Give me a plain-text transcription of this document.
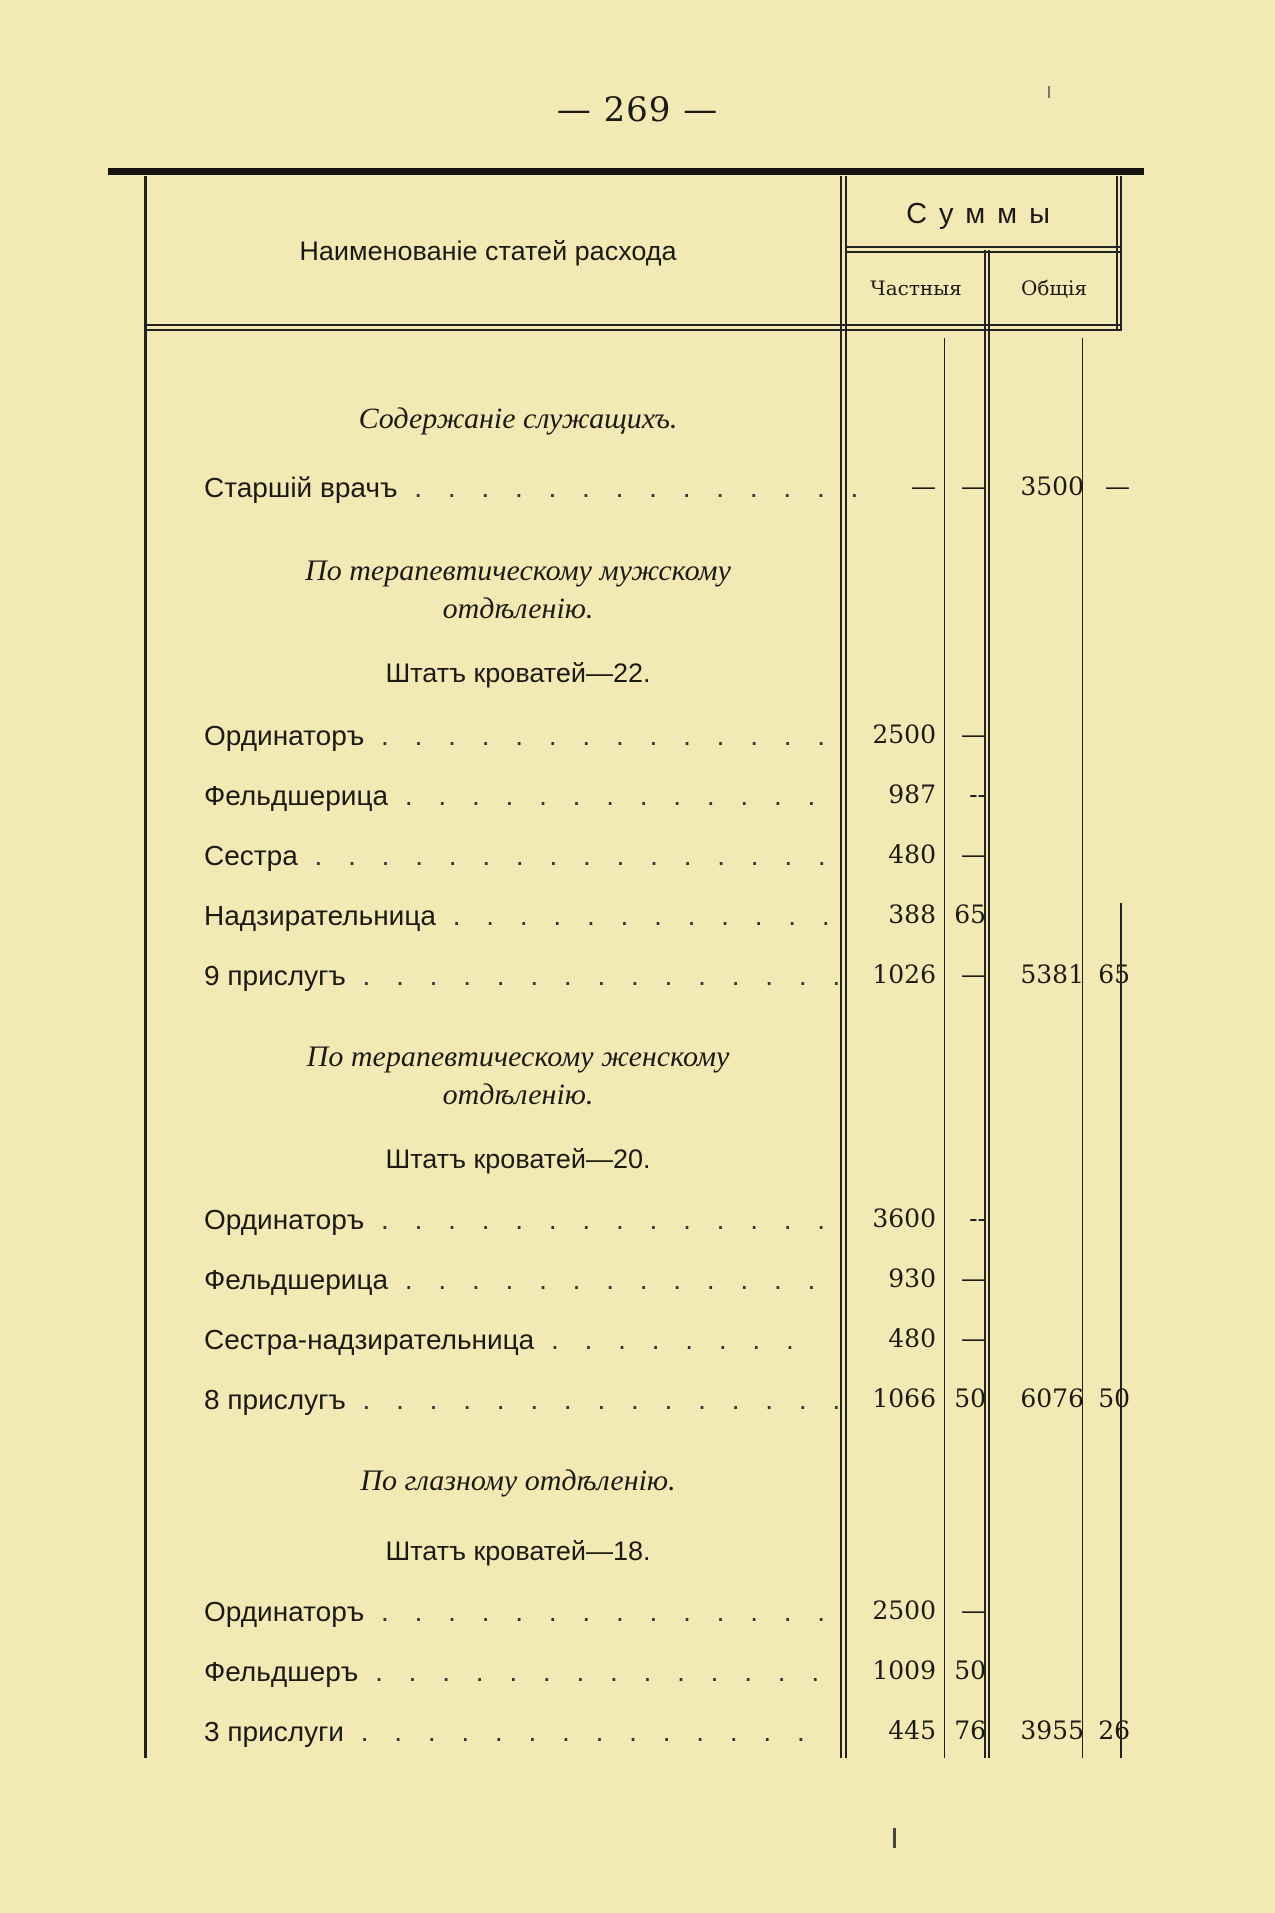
— 269 —
Наименованіе статей расхода
Суммы
Частныя	Общія
Содержаніе служащихъ.
Старшій врачъ . . . . . . . . . . . . . .	—	—	3500 —
По терапевтическому мужскому
отдѣленію.
Штатъ кроватей—22.
Ординаторъ . . . . . . . . . . . . . .	2500	—
Фельдшерица . . . . . . . . . . . . .	987	--
Сестра . . . . . . . . . . . . . . . .	480	—
Надзирательница . . . . . . . . . . . .	388 65
9 прислугъ . . . . . . . . . . . . . . . 1026	—	5381 65
По терапевтическому женскому
отдѣленію.
Штатъ кроватей—20.
Ординаторъ . . . . . . . . . . . . . .	3600	--
Фельдшерица . . . . . . . . . . . . .	930	—
Сестра-надзирательница . . . . . . . .	480	—
8 прислугъ . . . . . . . . . . . . . . . 1066 50	6076 50
По глазному отдѣленію.
Штатъ кроватей—18.
Ординаторъ . . . . . . . . . . . . . .	2500	—
Фельдшеръ . . . . . . . . . . . . . .	1009 50
3 прислуги . . . . . . . . . . . . . .	445 76	3955 26
